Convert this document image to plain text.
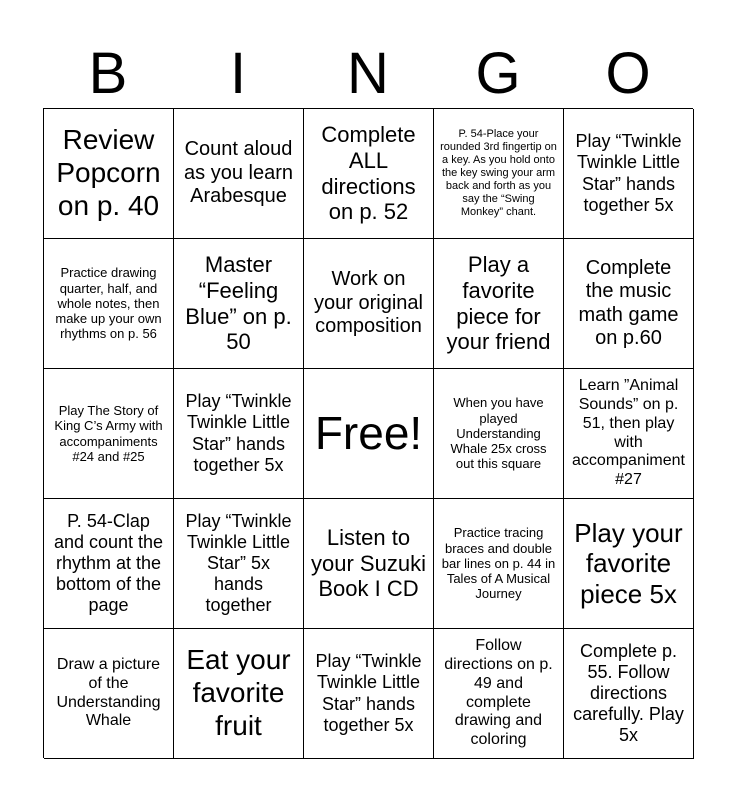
B	I	N	G	O
Review Popcorn on p. 40
Count aloud as you learn Arabesque
Complete ALL directions on p. 52
P. 54-Place your rounded 3rd fingertip on a key. As you hold onto the key swing your arm back and forth as you say the “Swing Monkey” chant.
Play “Twinkle Twinkle Little Star” hands together 5x
Practice drawing quarter, half, and whole notes, then make up your own rhythms on p. 56
Master “Feeling Blue” on p. 50
Work on your original composition
Play a favorite piece for your friend
Complete the music math game on p.60
Play The Story of King C’s Army with accompaniments #24 and #25
Play “Twinkle Twinkle Little Star” hands together 5x
Free!
When you have played Understanding Whale 25x cross out this square
Learn ”Animal Sounds” on p. 51, then play with accompaniment #27
P. 54-Clap and count the rhythm at the bottom of the page
Play “Twinkle Twinkle Little Star” 5x hands together
Listen to your Suzuki Book I CD
Practice tracing braces and double bar lines on p. 44 in Tales of A Musical Journey
Play your favorite piece 5x
Draw a picture of the Understanding Whale
Eat your favorite fruit
Play “Twinkle Twinkle Little Star” hands together 5x
Follow directions on p. 49 and complete drawing and coloring
Complete p. 55. Follow directions carefully. Play 5x
